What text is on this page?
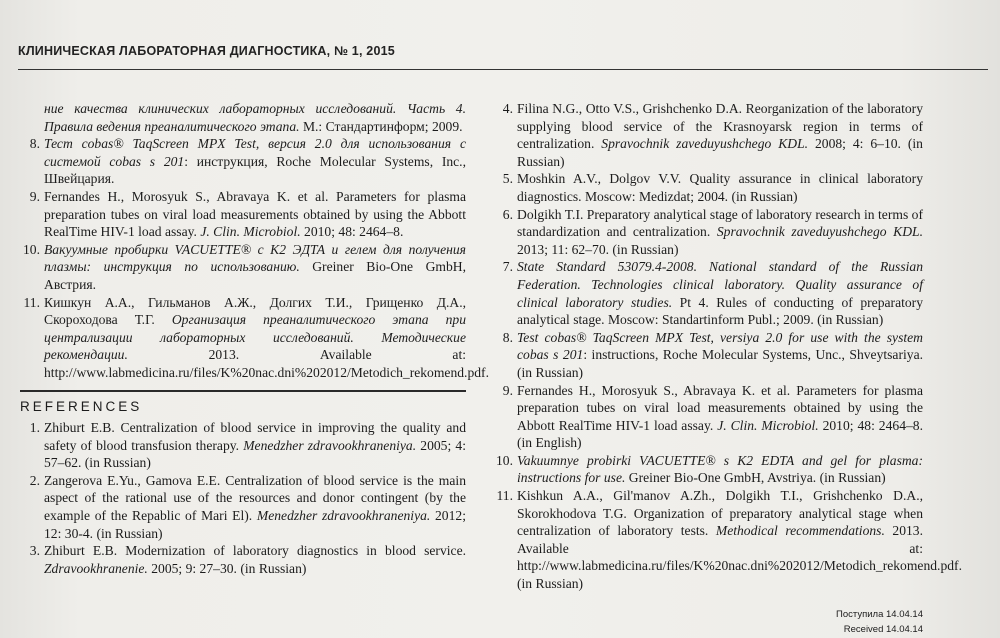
КЛИНИЧЕСКАЯ ЛАБОРАТОРНАЯ ДИАГНОСТИКА, № 1, 2015
ние качества клинических лабораторных исследований. Часть 4. Правила ведения преаналитического этапа. М.: Стандартинформ; 2009.
8. Тест cobas® TaqScreen MPX Test, версия 2.0 для использования с системой cobas s 201: инструкция, Roche Molecular Systems, Inc., Швейцария.
9. Fernandes H., Morosyuk S., Abravaya K. et al. Parameters for plasma preparation tubes on viral load measurements obtained by using the Abbott RealTime HIV-1 load assay. J. Clin. Microbiol. 2010; 48: 2464–8.
10. Вакуумные пробирки VACUETTE® с К2 ЭДТА и гелем для получения плазмы: инструкция по использованию. Greiner Bio-One GmbH, Австрия.
11. Кишкун А.А., Гильманов А.Ж., Долгих Т.И., Грищенко Д.А., Скороходова Т.Г. Организация преаналитического этапа при централизации лабораторных исследований. Методические рекомендации. 2013. Available at: http://www.labmedicina.ru/files/K%20nac.dni%202012/Metodich_rekomend.pdf.
REFERENCES
1. Zhiburt E.B. Centralization of blood service in improving the quality and safety of blood transfusion therapy. Menedzher zdravookhraneniya. 2005; 4: 57–62. (in Russian)
2. Zangerova E.Yu., Gamova E.E. Centralization of blood service is the main aspect of the rational use of the resources and donor contingent (by the example of the Repablic of Mari El). Menedzher zdravookhraneniya. 2012; 12: 30-4. (in Russian)
3. Zhiburt E.B. Modernization of laboratory diagnostics in blood service. Zdravookhranenie. 2005; 9: 27–30. (in Russian)
4. Filina N.G., Otto V.S., Grishchenko D.A. Reorganization of the laboratory supplying blood service of the Krasnoyarsk region in terms of centralization. Spravochnik zaveduyushchego KDL. 2008; 4: 6–10. (in Russian)
5. Moshkin A.V., Dolgov V.V. Quality assurance in clinical laboratory diagnostics. Moscow: Medizdat; 2004. (in Russian)
6. Dolgikh T.I. Preparatory analytical stage of laboratory research in terms of standardization and centralization. Spravochnik zaveduyushchego KDL. 2013; 11: 62–70. (in Russian)
7. State Standard 53079.4-2008. National standard of the Russian Federation. Technologies clinical laboratory. Quality assurance of clinical laboratory studies. Pt 4. Rules of conducting of preparatory analytical stage. Moscow: Standartinform Publ.; 2009. (in Russian)
8. Test cobas® TaqScreen MPX Test, versiya 2.0 for use with the system cobas s 201: instructions, Roche Molecular Systems, Unc., Shveytsariya. (in Russian)
9. Fernandes H., Morosyuk S., Abravaya K. et al. Parameters for plasma preparation tubes on viral load measurements obtained by using the Abbott RealTime HIV-1 load assay. J. Clin. Microbiol. 2010; 48: 2464–8. (in English)
10. Vakuumnye probirki VACUETTE® s K2 EDTA and gel for plasma: instructions for use. Greiner Bio-One GmbH, Avstriya. (in Russian)
11. Kishkun A.A., Gil'manov A.Zh., Dolgikh T.I., Grishchenko D.A., Skorokhodova T.G. Organization of preparatory analytical stage when centralization of laboratory tests. Methodical recommendations. 2013. Available at: http://www.labmedicina.ru/files/K%20nac.dni%202012/Metodich_rekomend.pdf. (in Russian)
Поступила 14.04.14
Received 14.04.14
